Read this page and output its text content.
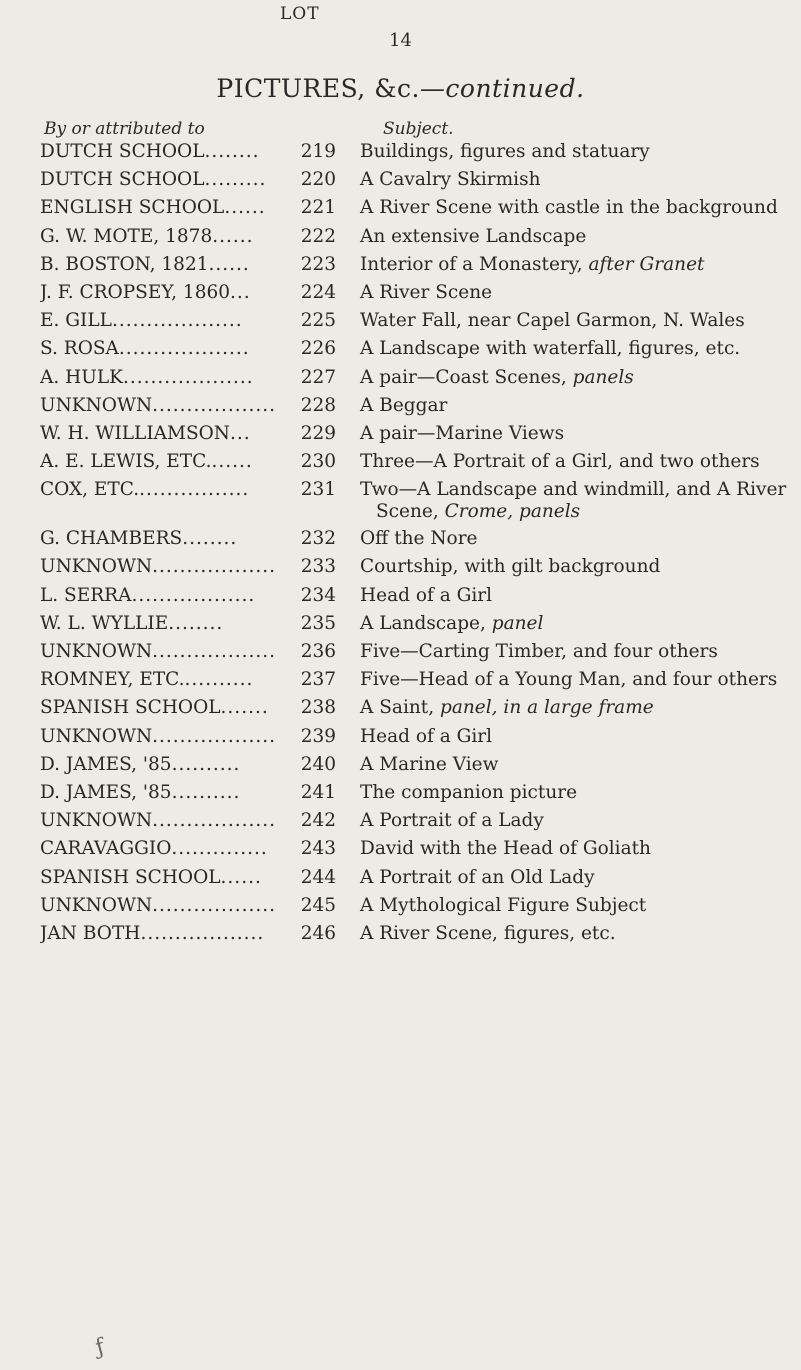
14
PICTURES, &c.—continued.
By or attributed to
LOT
Subject.
DUTCH SCHOOL........	219 Buildings, figures and statuary
DUTCH SCHOOL.........	220 A Cavalry Skirmish
ENGLISH SCHOOL......	221 A River Scene with castle in the background
G. W. MOTE, 1878......	222 An extensive Landscape
B. BOSTON, 1821......	223 Interior of a Monastery, after Granet
J. F. CROPSEY, 1860...	224 A River Scene
E. GILL...................	225 Water Fall, near Capel Garmon, N. Wales
S. ROSA...................	226 A Landscape with waterfall, figures, etc.
A. HULK...................	227 A pair—Coast Scenes, panels
UNKNOWN..................	228 A Beggar
W. H. WILLIAMSON...	229 A pair—Marine Views
A. E. LEWIS, ETC.......	230 Three—A Portrait of a Girl, and two others
COX, ETC.................	231 Two—A Landscape and windmill, and A River
Scene, Crome, panels
G. CHAMBERS........	232 Off the Nore
UNKNOWN..................	233 Courtship, with gilt background
L. SERRA..................	234 Head of a Girl
W. L. WYLLIE........	235 A Landscape, panel
UNKNOWN..................	236 Five—Carting Timber, and four others
ROMNEY, ETC...........	237 Five—Head of a Young Man, and four others
SPANISH SCHOOL.......	238 A Saint, panel, in a large frame
UNKNOWN..................	239 Head of a Girl
D. JAMES, '85..........	240 A Marine View
D. JAMES, '85..........	241 The companion picture
UNKNOWN..................	242 A Portrait of a Lady
CARAVAGGIO..............	243 David with the Head of Goliath
SPANISH SCHOOL......	244 A Portrait of an Old Lady
UNKNOWN..................	245 A Mythological Figure Subject
JAN BOTH..................	246 A River Scene, figures, etc.
ƒ
